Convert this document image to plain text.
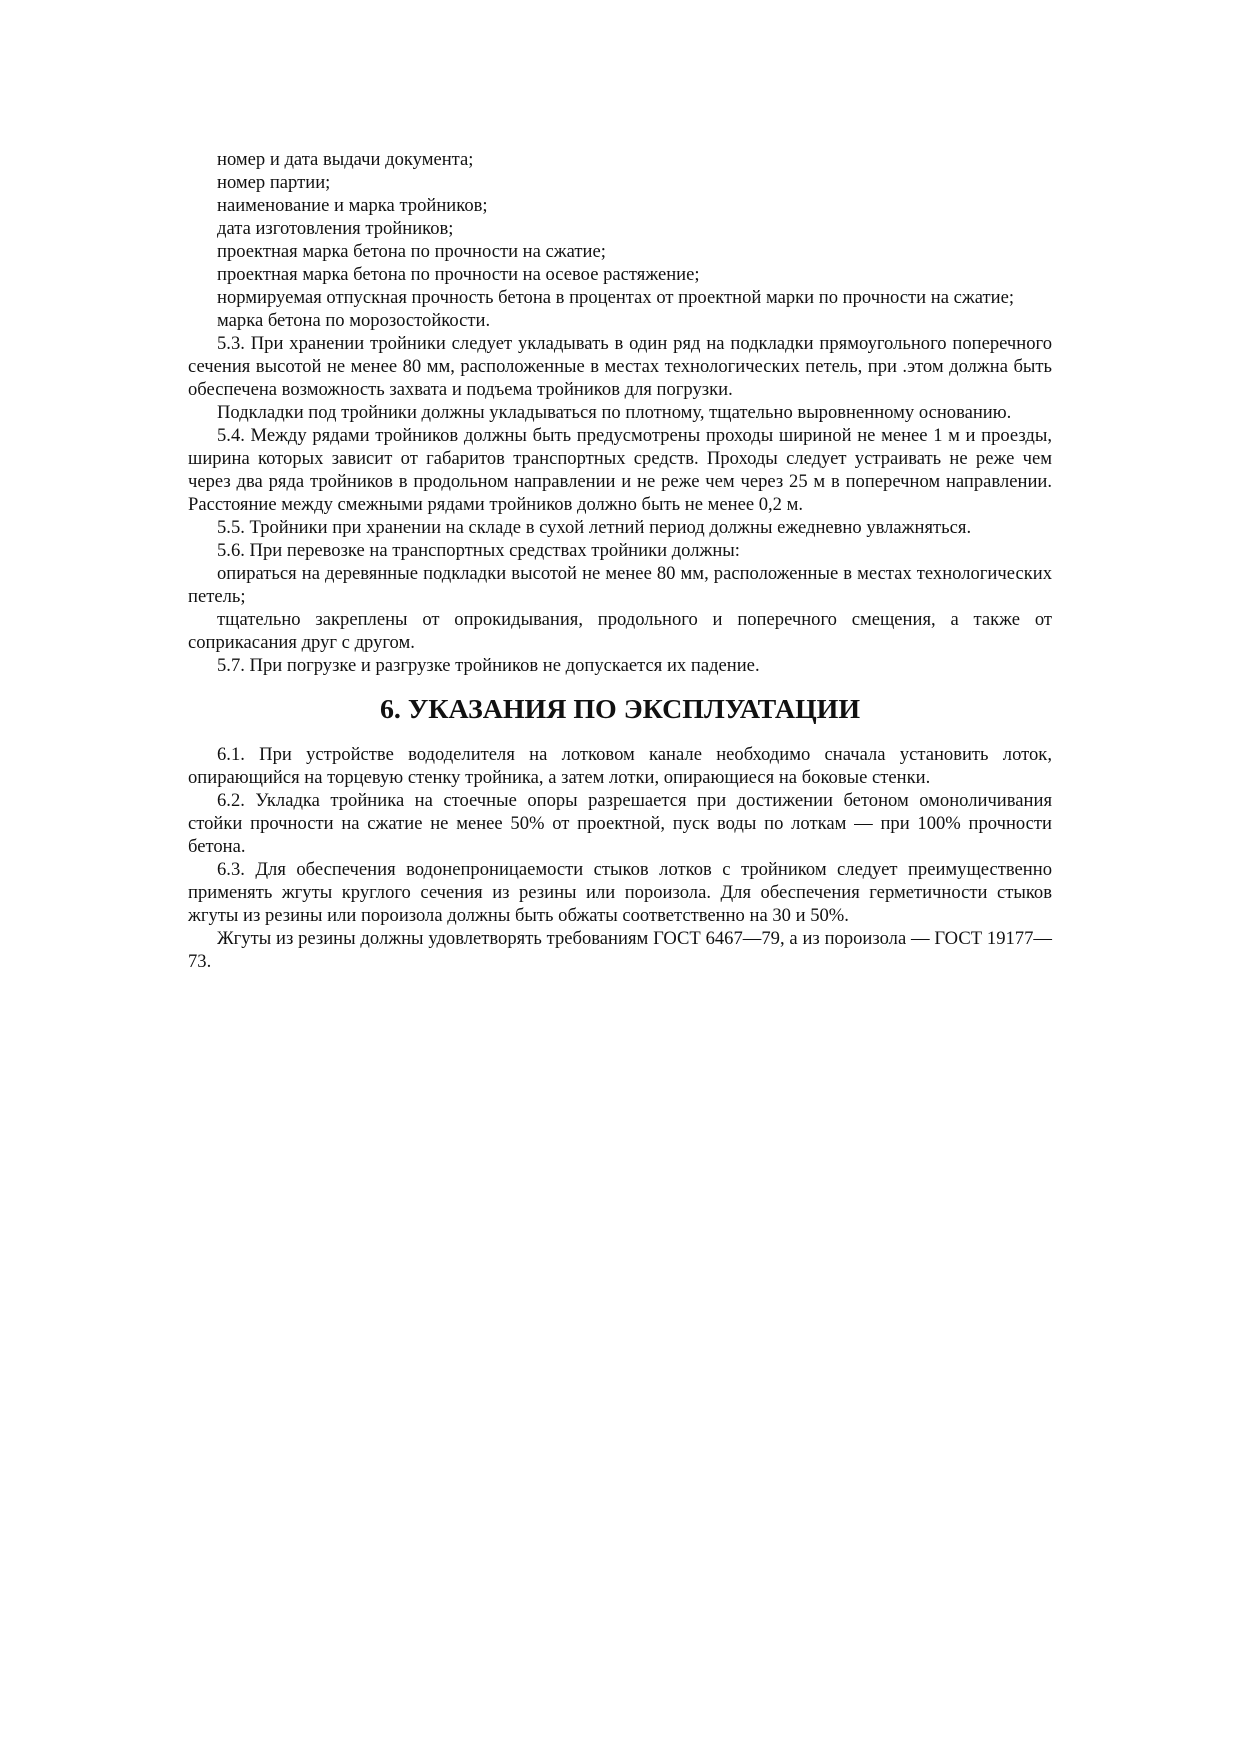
номер и дата выдачи документа;

номер партии;

наименование и марка тройников;

дата изготовления тройников;

проектная марка бетона по прочности на сжатие;

проектная марка бетона по прочности на осевое растяжение;

нормируемая отпускная прочность бетона в процентах от проектной марки по прочности на сжатие;

марка бетона по морозостойкости.

5.3. При хранении тройники следует укладывать в один ряд на подкладки прямоугольного поперечного сечения высотой не менее 80 мм, расположенные в местах технологических петель, при .этом должна быть обеспечена возможность захвата и подъема тройников для погрузки.

Подкладки под тройники должны укладываться по плотному, тщательно выровненному основанию.

5.4. Между рядами тройников должны быть предусмотрены проходы шириной не менее 1 м и проезды, ширина которых зависит от габаритов транспортных средств. Проходы следует устраивать не реже чем через два ряда тройников в продольном направлении и не реже чем через 25 м в поперечном направлении. Расстояние между смежными рядами тройников должно быть не менее 0,2 м.

5.5. Тройники при хранении на складе в сухой летний период должны ежедневно увлажняться.

5.6. При перевозке на транспортных средствах тройники должны:

опираться на деревянные подкладки высотой не менее 80 мм, расположенные в местах технологических петель;

тщательно закреплены от опрокидывания, продольного и поперечного смещения, а также от соприкасания друг с другом.

5.7. При погрузке и разгрузке тройников не допускается их падение.

6. УКАЗАНИЯ ПО ЭКСПЛУАТАЦИИ

6.1. При устройстве вододелителя на лотковом канале необходимо сначала установить лоток, опирающийся на торцевую стенку тройника, а затем лотки, опирающиеся на боковые стенки.

6.2. Укладка тройника на стоечные опоры разрешается при достижении бетоном омоноличивания стойки прочности на сжатие не менее 50% от проектной, пуск воды по лоткам — при 100% прочности бетона.

6.3. Для обеспечения водонепроницаемости стыков лотков с тройником следует преимущественно применять жгуты круглого сечения из резины или пороизола. Для обеспечения герметичности стыков жгуты из резины или пороизола должны быть обжаты соответственно на 30 и 50%.

Жгуты из резины должны удовлетворять требованиям ГОСТ 6467—79, а из пороизола — ГОСТ 19177—73.
